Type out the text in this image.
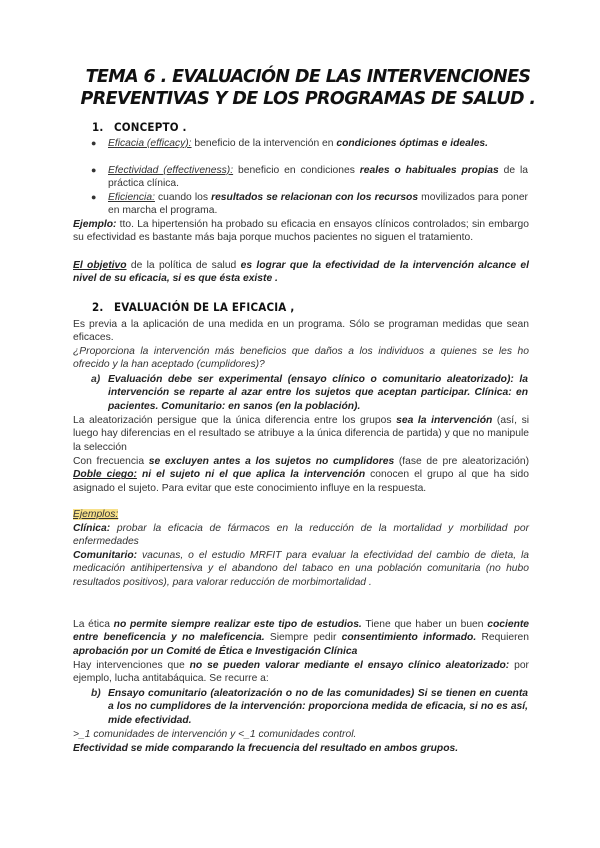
TEMA 6 . EVALUACIÓN DE LAS INTERVENCIONES PREVENTIVAS Y DE LOS PROGRAMAS DE SALUD .
1. CONCEPTO .
● Eficacia (efficacy): beneficio de la intervención en condiciones óptimas e ideales.
● Efectividad (effectiveness): beneficio en condiciones reales o habituales propias de la práctica clínica.
● Eficiencia: cuando los resultados se relacionan con los recursos movilizados para poner en marcha el programa.
Ejemplo: tto. La hipertensión ha probado su eficacia en ensayos clínicos controlados; sin embargo su efectividad es bastante más baja porque muchos pacientes no siguen el tratamiento.
El objetivo de la política de salud es lograr que la efectividad de la intervención alcance el nivel de su eficacia, si es que ésta existe .
2. EVALUACIÓN DE LA EFICACIA ,
Es previa a la aplicación de una medida en un programa. Sólo se programan medidas que sean eficaces.
¿Proporciona la intervención más beneficios que daños a los individuos a quienes se les ho ofrecido y la han aceptado (cumplidores)?
a) Evaluación debe ser experimental (ensayo clínico o comunitario aleatorizado): la intervención se reparte al azar entre los sujetos que aceptan participar. Clínica: en pacientes. Comunitario: en sanos (en la población).
La aleatorización persigue que la única diferencia entre los grupos sea la intervención (así, si luego hay diferencias en el resultado se atribuye a la única diferencia de partida) y que no manipule la selección
Con frecuencia se excluyen antes a los sujetos no cumplidores (fase de pre aleatorización) Doble ciego: ni el sujeto ni el que aplica la intervención conocen el grupo al que ha sido asignado el sujeto. Para evitar que este conocimiento influye en la respuesta.
Ejemplos:
Clínica: probar la eficacia de fármacos en la reducción de la mortalidad y morbilidad por enfermedades
Comunitario: vacunas, o el estudio MRFIT para evaluar la efectividad del cambio de dieta, la medicación antihipertensiva y el abandono del tabaco en una población comunitaria (no hubo resultados positivos), para valorar reducción de morbimortalidad .
La ética no permite siempre realizar este tipo de estudios. Tiene que haber un buen cociente entre beneficencia y no maleficencia. Siempre pedir consentimiento informado. Requieren aprobación por un Comité de Ética e Investigación Clínica
Hay intervenciones que no se pueden valorar mediante el ensayo clínico aleatorizado: por ejemplo, lucha antitabáquica. Se recurre a:
b) Ensayo comunitario (aleatorización o no de las comunidades) Si se tienen en cuenta a los no cumplidores de la intervención: proporciona medida de eficacia, si no es así, mide efectividad.
>_1 comunidades de intervención y <_1 comunidades control.
Efectividad se mide comparando la frecuencia del resultado en ambos grupos.
